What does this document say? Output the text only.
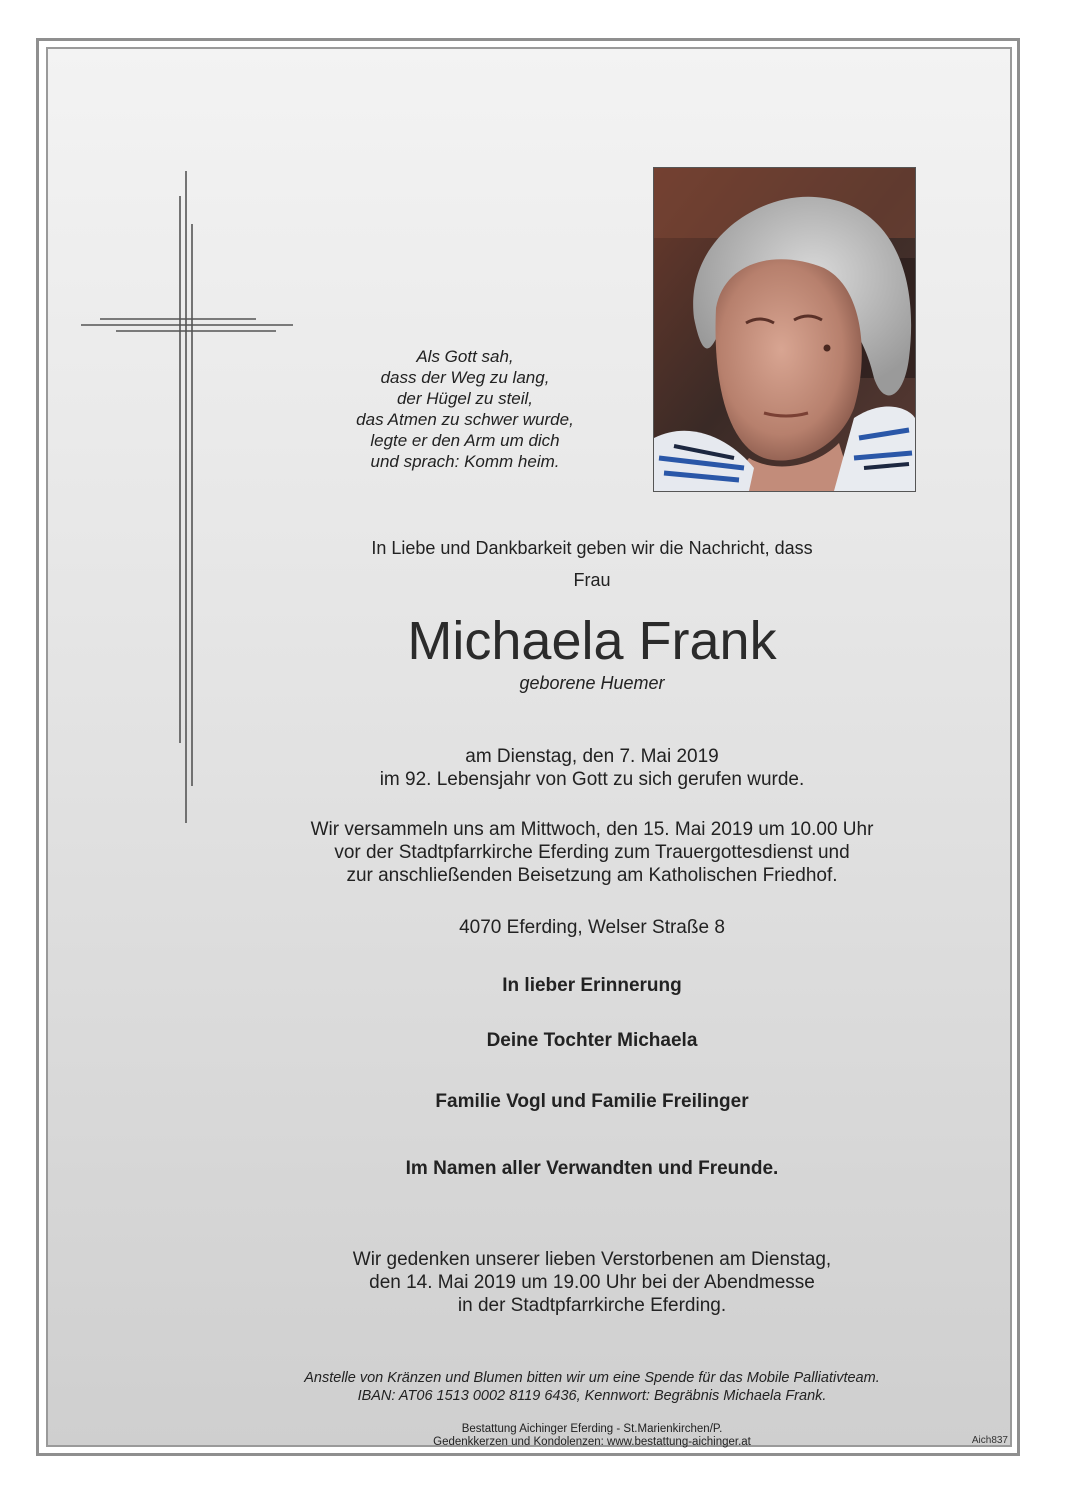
Als Gott sah,
dass der Weg zu lang,
der Hügel zu steil,
das Atmen zu schwer wurde,
legte er den Arm um dich
und sprach: Komm heim.
In Liebe und Dankbarkeit geben wir die Nachricht, dass
Frau
Michaela Frank
geborene Huemer
am Dienstag, den 7. Mai 2019
im 92. Lebensjahr von Gott zu sich gerufen wurde.
Wir versammeln uns am Mittwoch, den 15. Mai 2019 um 10.00 Uhr
vor der Stadtpfarrkirche Eferding zum Trauergottesdienst und
zur anschließenden Beisetzung am Katholischen Friedhof.
4070 Eferding, Welser Straße 8
In lieber Erinnerung
Deine Tochter Michaela
Familie Vogl und Familie Freilinger
Im Namen aller Verwandten und Freunde.
Wir gedenken unserer lieben Verstorbenen am Dienstag,
den 14. Mai 2019 um 19.00 Uhr bei der Abendmesse
in der Stadtpfarrkirche Eferding.
Anstelle von Kränzen und Blumen bitten wir um eine Spende für das Mobile Palliativteam.
IBAN: AT06 1513 0002 8119 6436, Kennwort: Begräbnis Michaela Frank.
Bestattung Aichinger Eferding - St.Marienkirchen/P.
Gedenkkerzen und Kondolenzen: www.bestattung-aichinger.at	Aich837
